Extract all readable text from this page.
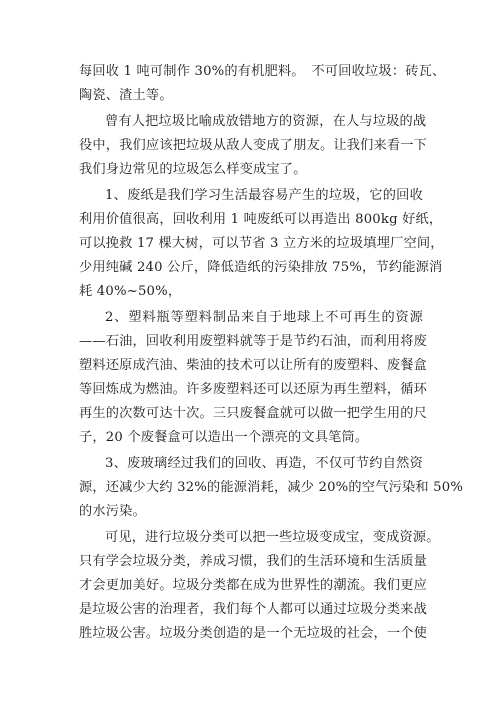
每回收 1 吨可制作 30%的有机肥料。　不可回收垃圾：砖瓦、
陶瓷、渣土等。
曾有人把垃圾比喻成放错地方的资源，在人与垃圾的战
役中，我们应该把垃圾从敌人变成了朋友。让我们来看一下
我们身边常见的垃圾怎么样变成宝了。
1、废纸是我们学习生活最容易产生的垃圾，它的回收
利用价值很高，回收利用 1 吨废纸可以再造出 800kg 好纸，
可以挽救 17 棵大树，可以节省 3 立方米的垃圾填埋厂空间，
少用纯碱 240 公斤，降低造纸的污染排放 75%，节约能源消
耗 40%~50%，
2、塑料瓶等塑料制品来自于地球上不可再生的资源
——石油，回收利用废塑料就等于是节约石油，而利用将废
塑料还原成汽油、柴油的技术可以让所有的废塑料、废餐盒
等回炼成为燃油。许多废塑料还可以还原为再生塑料，循环
再生的次数可达十次。三只废餐盒就可以做一把学生用的尺
子，20 个废餐盒可以造出一个漂亮的文具笔筒。
3、废玻璃经过我们的回收、再造，不仅可节约自然资
源，还减少大约 32%的能源消耗，减少 20%的空气污染和 50%
的水污染。
可见，进行垃圾分类可以把一些垃圾变成宝，变成资源。
只有学会垃圾分类，养成习惯，我们的生活环境和生活质量
才会更加美好。垃圾分类都在成为世界性的潮流。我们更应
是垃圾公害的治理者，我们每个人都可以通过垃圾分类来战
胜垃圾公害。垃圾分类创造的是一个无垃圾的社会，一个使
